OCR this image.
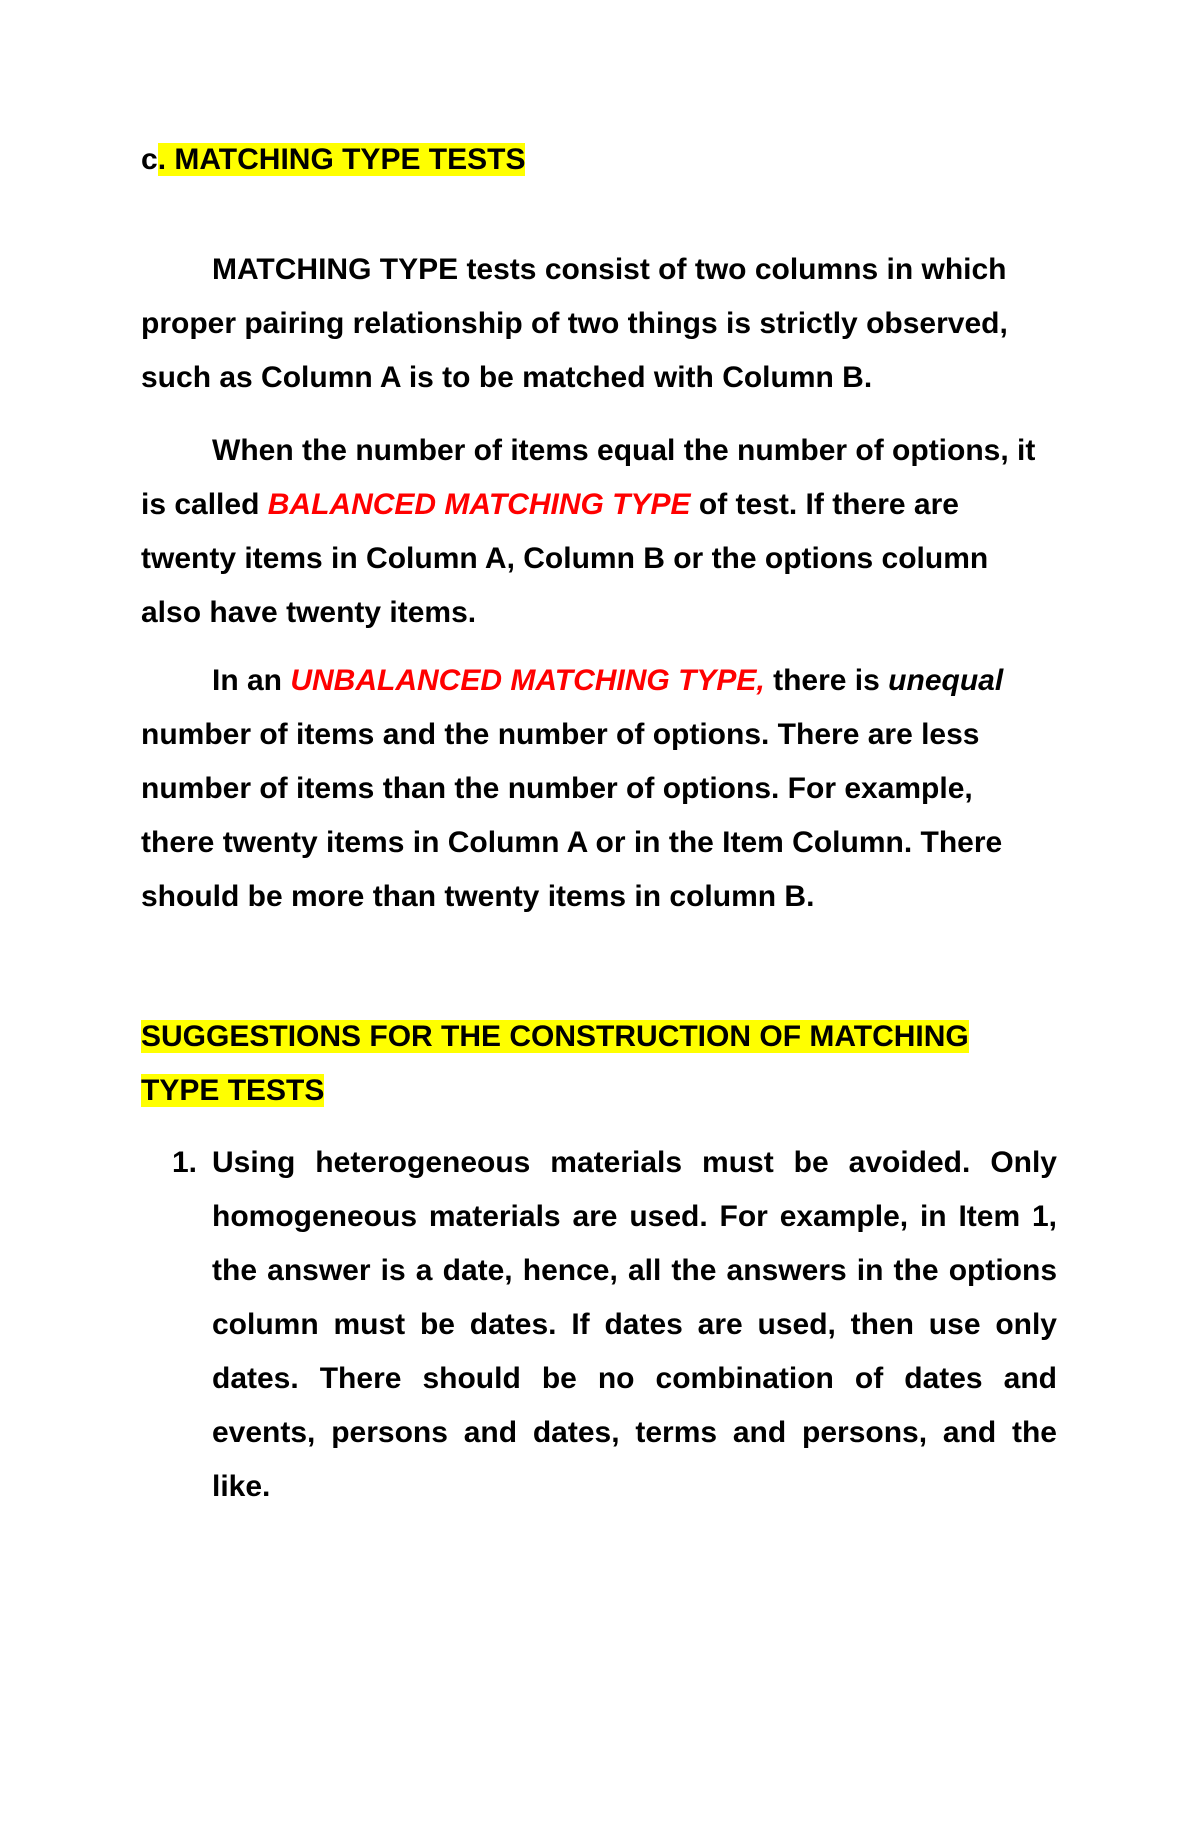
c. MATCHING TYPE TESTS

MATCHING TYPE tests consist of two columns in which proper pairing relationship of two things is strictly observed, such as Column A is to be matched with Column B.

When the number of items equal the number of options, it is called BALANCED MATCHING TYPE of test. If there are twenty items in Column A, Column B or the options column also have twenty items.

In an UNBALANCED MATCHING TYPE, there is unequal number of items and the number of options. There are less number of items than the number of options. For example, there twenty items in Column A or in the Item Column. There should be more than twenty items in column B.

SUGGESTIONS FOR THE CONSTRUCTION OF MATCHING TYPE TESTS
1. Using heterogeneous materials must be avoided. Only homogeneous materials are used. For example, in Item 1, the answer is a date, hence, all the answers in the options column must be dates. If dates are used, then use only dates. There should be no combination of dates and events, persons and dates, terms and persons, and the like.
